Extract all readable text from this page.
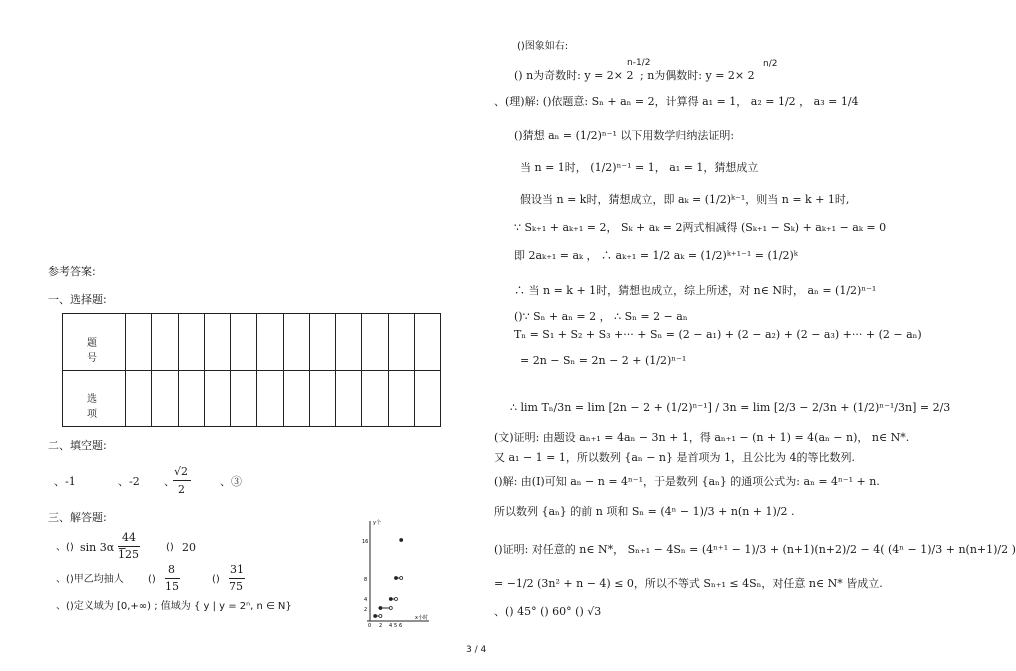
参考答案:
一、选择题:
题 号												
选 项												
二、填空题:
、-1	、-2 、
√2
2
、③
三、解答题:
、() sin 3α =
44
125
() 20
、()甲乙均抽人 ()
8
15
()
31
75
、()定义域为 [0,+∞) ; 值域为 { y | y = 2ⁿ, n ∈ N}
y个
x小时
16
8
4
2
0 2 4 5 6
()图象如右:
() n为奇数时: y = 2× 2
n-1/2
; n为偶数时: y = 2× 2
n/2
、(理)解: ()依题意: Sₙ + aₙ = 2，计算得 a₁ = 1， a₂ = 1/2 ， a₃ = 1/4
()猜想 aₙ = (1/2)ⁿ⁻¹ 以下用数学归纳法证明:
当 n = 1时， (1/2)ⁿ⁻¹ = 1， a₁ = 1，猜想成立
假设当 n = k时，猜想成立，即 aₖ = (1/2)ᵏ⁻¹，则当 n = k + 1时,
∵ Sₖ₊₁ + aₖ₊₁ = 2， Sₖ + aₖ = 2两式相减得 (Sₖ₊₁ − Sₖ) + aₖ₊₁ − aₖ = 0
即 2aₖ₊₁ = aₖ ， ∴ aₖ₊₁ = 1/2 aₖ = (1/2)ᵏ⁺¹⁻¹ = (1/2)ᵏ
∴ 当 n = k + 1时，猜想也成立，综上所述，对 n∈ N时， aₙ = (1/2)ⁿ⁻¹
()∵ Sₙ + aₙ = 2 ， ∴ Sₙ = 2 − aₙ
Tₙ = S₁ + S₂ + S₃ +··· + Sₙ = (2 − a₁) + (2 − a₂) + (2 − a₃) +··· + (2 − aₙ)
= 2n − Sₙ = 2n − 2 + (1/2)ⁿ⁻¹
∴ lim Tₙ/3n = lim [2n − 2 + (1/2)ⁿ⁻¹] / 3n = lim [2/3 − 2/3n + (1/2)ⁿ⁻¹/3n] = 2/3
(文)证明: 由题设 aₙ₊₁ = 4aₙ − 3n + 1，得 aₙ₊₁ − (n + 1) = 4(aₙ − n)， n∈ N*.
又 a₁ − 1 = 1，所以数列 {aₙ − n} 是首项为 1，且公比为 4的等比数列.
()解: 由(Ⅰ)可知 aₙ − n = 4ⁿ⁻¹，于是数列 {aₙ} 的通项公式为: aₙ = 4ⁿ⁻¹ + n.
所以数列 {aₙ} 的前 n 项和 Sₙ = (4ⁿ − 1)/3 + n(n + 1)/2 .
()证明: 对任意的 n∈ N*， Sₙ₊₁ − 4Sₙ = (4ⁿ⁺¹ − 1)/3 + (n+1)(n+2)/2 − 4( (4ⁿ − 1)/3 + n(n+1)/2 )
= −1/2 (3n² + n − 4) ≤ 0，所以不等式 Sₙ₊₁ ≤ 4Sₙ，对任意 n∈ N* 皆成立.
、() 45° () 60° () √3
3 / 4
